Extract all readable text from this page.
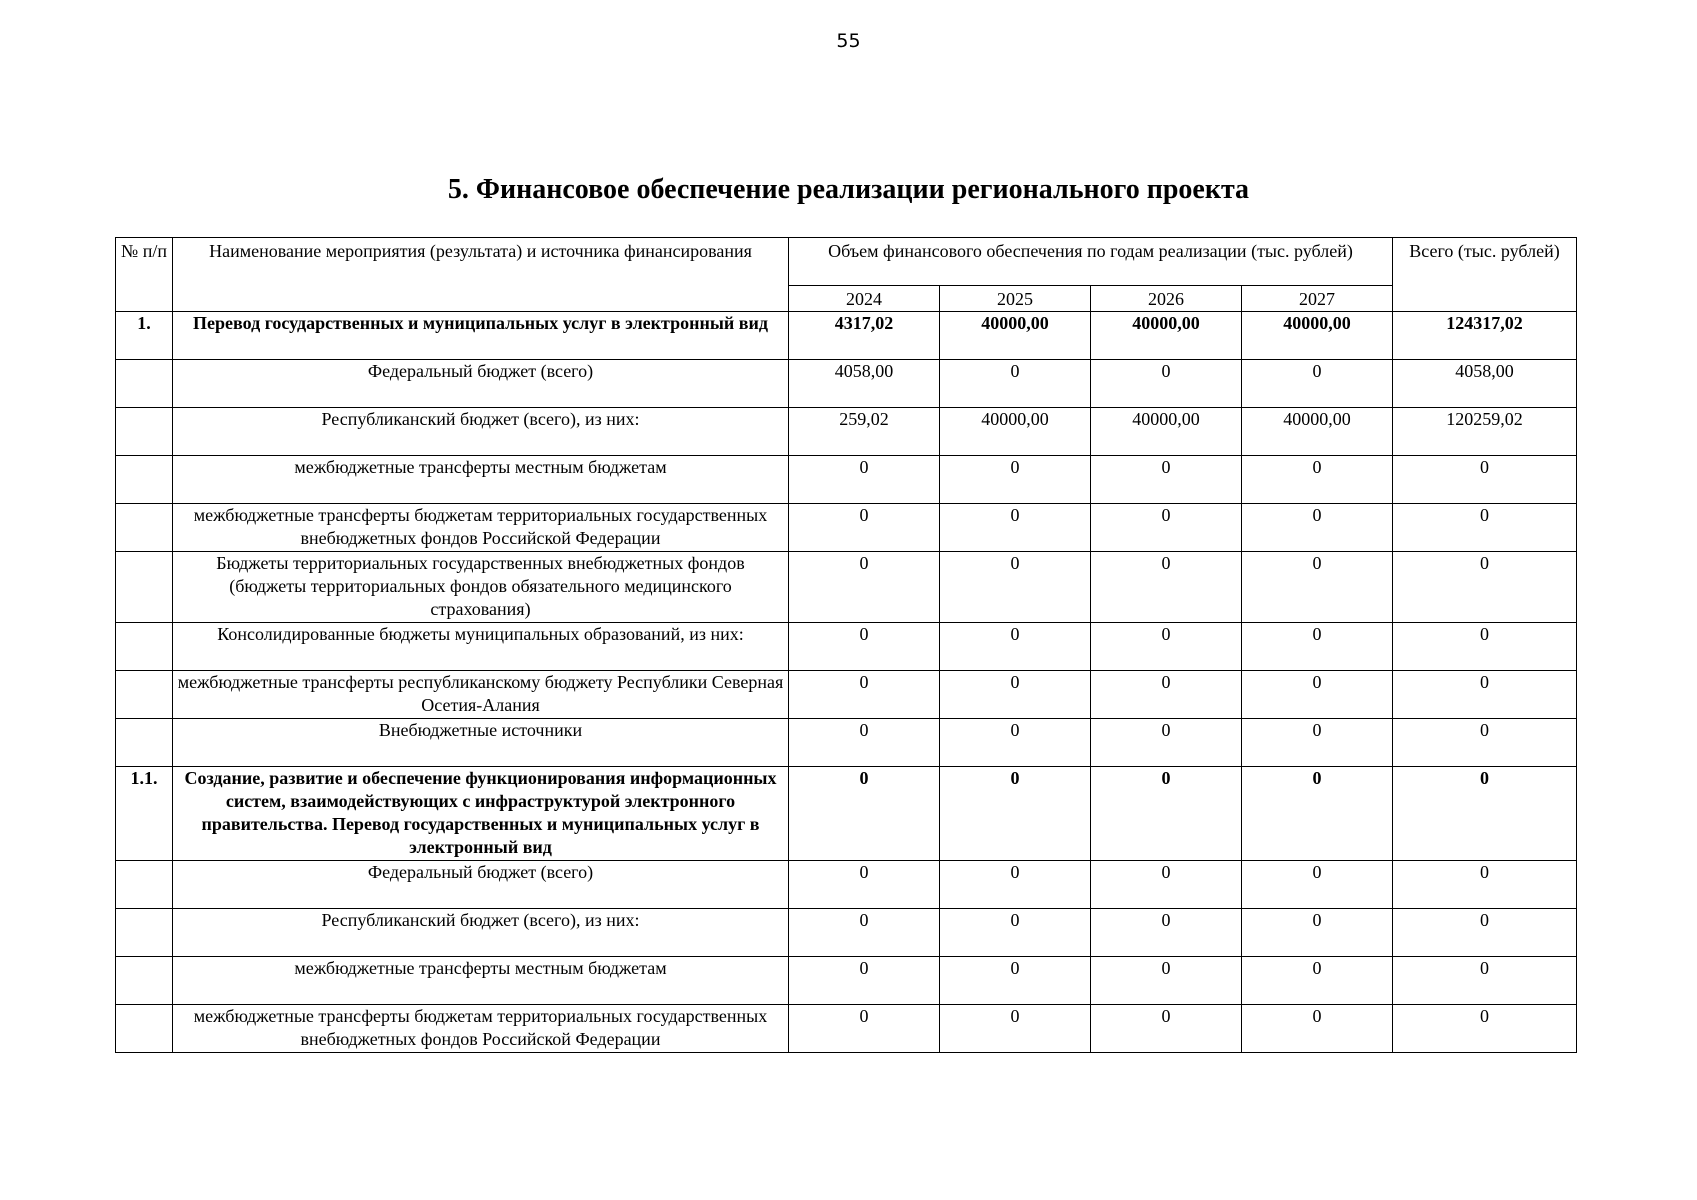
55
5. Финансовое обеспечение реализации регионального проекта
№ п/п	Наименование мероприятия (результата) и источника финансирования	Объем финансового обеспечения по годам реализации (тыс. рублей)				Всего (тыс. рублей)
		2024	2025	2026	2027	
1.	Перевод государственных и муниципальных услуг в электронный вид	4317,02	40000,00	40000,00	40000,00	124317,02
	Федеральный бюджет (всего)	4058,00	0	0	0	4058,00
	Республиканский бюджет (всего), из них:	259,02	40000,00	40000,00	40000,00	120259,02
	межбюджетные трансферты местным бюджетам	0	0	0	0	0
	межбюджетные трансферты бюджетам территориальных государственных внебюджетных фондов Российской Федерации	0	0	0	0	0
	Бюджеты территориальных государственных внебюджетных фондов (бюджеты территориальных фондов обязательного медицинского страхования)	0	0	0	0	0
	Консолидированные бюджеты муниципальных образований, из них:	0	0	0	0	0
	межбюджетные трансферты республиканскому бюджету Республики Северная Осетия-Алания	0	0	0	0	0
	Внебюджетные источники	0	0	0	0	0
1.1.	Создание, развитие и обеспечение функционирования информационных систем, взаимодействующих с инфраструктурой электронного правительства. Перевод государственных и муниципальных услуг в электронный вид	0	0	0	0	0
	Федеральный бюджет (всего)	0	0	0	0	0
	Республиканский бюджет (всего), из них:	0	0	0	0	0
	межбюджетные трансферты местным бюджетам	0	0	0	0	0
	межбюджетные трансферты бюджетам территориальных государственных внебюджетных фондов Российской Федерации	0	0	0	0	0
